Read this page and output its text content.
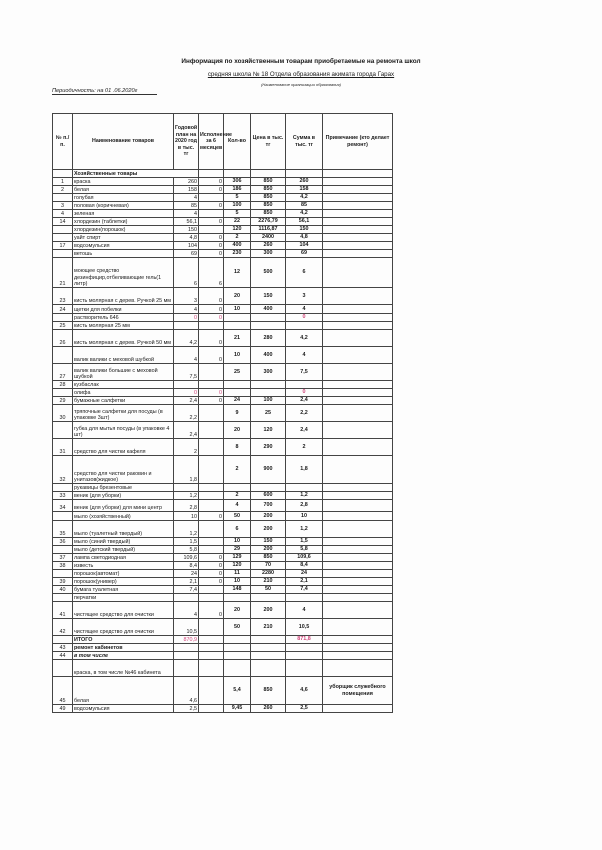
Информация по хозяйственным товарам приобретаемые на ремонта школ
средняя школа № 18 Отдела образования акимата города Гарах
(Наименование организации образования)
Периодичность: на 01 .06.2020г
№ п./п.	Наименование товаров	Годовой план на 2020 год в тыс. тг	Исполнение за 6 месяцев	Кол-во	Цена в тыс. тг	Сумма в тыс. тг	Примечание (кто делает ремонт)
	Хозяйственные товары						
1	краска	260	0	306	850	260	
2	белая	158	0	186	850	158	
	голубая	4		5	850	4,2	
3	половая (коричневая)	85	0	100	850	85	
4	зеленая	4		5	850	4,2	
14	хлордезин (таблетки)	56,1	0	22	2276,79	56,1	
	хлордезин(порошок)	150		120	1116,87	150	
	уайт спирт	4,8	0	2	2400	4,8	
17	водоэмульсия	104	0	400	260	104	
	ветошь	69	0	230	300	69	
21	моющее средство дезинфицир,отбеливающие гель(1 литр)	6	6	12	500	6	
23	кисть молярная с дерев. Ручкой 25 мм	3	0	20	150	3	
24	щетки для побелки	4	0	10	400	4	
	растворитель 646	0	0			0	
25	кисть молярная 25 мм						
26	кисть молярная с дерев. Ручкой 50 мм	4,2	0	21	280	4,2	
	валик валики с меховой шубкой	4	0	10	400	4	
27	валик валики большие с меховой шубкой	7,5		25	300	7,5	
28	кузбаслак						
	олифа	0	0			0	
29	бумажные салфетки	2,4	0	24	100	2,4	
30	тряпочные салфетки для посуды (в упаковке 3шт)	2,2		9	25	2,2	
	губка для мытья посуды (в упаковке 4 шт)	2,4		20	120	2,4	
31	средство для чистки кафеля	2		8	290	2	
32	средство для чистки раковин и унитазов(жидкое)	1,8		2	900	1,8	
	рукавицы брезентовые						
33	веник (для уборки)	1,2		2	600	1,2	
34	веник (для уборки) для мини центр	2,8		4	700	2,8	
	мыло (хозяйственный)	10	0	50	200	10	
35	мыло (туалетный твердый)	1,2		6	200	1,2	
36	мыло (синий твердый)	1,5		10	150	1,5	
	мыло (детский твердый)	5,8		29	200	5,8	
37	лампа светодиодная	109,6	0	129	850	109,6	
38	известь	8,4	0	120	70	8,4	
	порошок(автомат)	24	0	11	2280	24	
39	порошок(универ)	2,1	0	10	210	2,1	
40	бумага туалетная	7,4		148	50	7,4	
	перчатки						
41	чистящее средство для очистки	4	0	20	200	4	
42	чистящее средство для очистки	10,5		50	210	10,5	
	ИТОГО	870,9				871,8	
43	ремонт кабинетов						
44	в том числе						
	краска, в том числе №46 кабинета						
45	белая	4,6		5,4	850	4,6	уборщик служебного помещения
49	водоэмульсия	2,5		9,45	260	2,5	
